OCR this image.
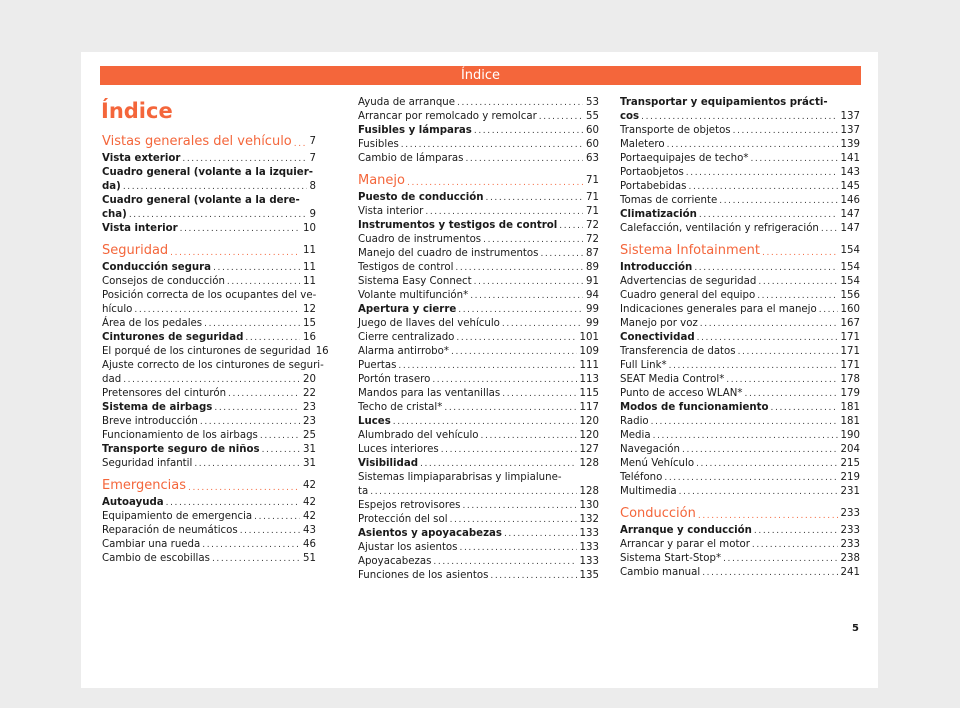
Índice
Índice
Vistas generales del vehículo ..... 7
Vista exterior .....	7
Cuadro general (volante a la izquier-
da) .....	8
Cuadro general (volante a la dere-
cha) .....	9
Vista interior .....	10
Seguridad .....	11
Conducción segura .....	11
Consejos de conducción .....	11
Posición correcta de los ocupantes del ve-
hículo .....	12
Área de los pedales .....	15
Cinturones de seguridad .....	16
El porqué de los cinturones de seguridad 16
Ajuste correcto de los cinturones de seguri-
dad .....	20
Pretensores del cinturón .....	22
Sistema de airbags .....	23
Breve introducción .....	23
Funcionamiento de los airbags .....	25
Transporte seguro de niños .....	31
Seguridad infantil .....	31
Emergencias .....	42
Autoayuda .....	42
Equipamiento de emergencia .....	42
Reparación de neumáticos .....	43
Cambiar una rueda .....	46
Cambio de escobillas .....	51
Ayuda de arranque .....	53
Arrancar por remolcado y remolcar .....	55
Fusibles y lámparas .....	60
Fusibles .....	60
Cambio de lámparas .....	63
Manejo .....	71
Puesto de conducción .....	71
Vista interior .....	71
Instrumentos y testigos de control .....	72
Cuadro de instrumentos .....	72
Manejo del cuadro de instrumentos .....	87
Testigos de control .....	89
Sistema Easy Connect .....	91
Volante multifunción* .....	94
Apertura y cierre .....	99
Juego de llaves del vehículo .....	99
Cierre centralizado .....	101
Alarma antirrobo* .....	109
Puertas .....	111
Portón trasero .....	113
Mandos para las ventanillas .....	115
Techo de cristal* .....	117
Luces .....	120
Alumbrado del vehículo .....	120
Luces interiores .....	127
Visibilidad .....	128
Sistemas limpiaparabrisas y limpialune-
ta .....	128
Espejos retrovisores .....	130
Protección del sol .....	132
Asientos y apoyacabezas .....	133
Ajustar los asientos .....	133
Apoyacabezas .....	133
Funciones de los asientos .....	135
Transportar y equipamientos prácti-
cos .....	137
Transporte de objetos .....	137
Maletero .....	139
Portaequipajes de techo* .....	141
Portaobjetos .....	143
Portabebidas .....	145
Tomas de corriente .....	146
Climatización .....	147
Calefacción, ventilación y refrigeración ..... 147
Sistema Infotainment .....	154
Introducción .....	154
Advertencias de seguridad .....	154
Cuadro general del equipo .....	156
Indicaciones generales para el manejo ..... 160
Manejo por voz .....	167
Conectividad .....	171
Transferencia de datos .....	171
Full Link* .....	171
SEAT Media Control* .....	178
Punto de acceso WLAN* .....	179
Modos de funcionamiento .....	181
Radio .....	181
Media .....	190
Navegación .....	204
Menú Vehículo .....	215
Teléfono .....	219
Multimedia .....	231
Conducción .....	233
Arranque y conducción .....	233
Arrancar y parar el motor .....	233
Sistema Start-Stop* .....	238
Cambio manual .....	241
5
